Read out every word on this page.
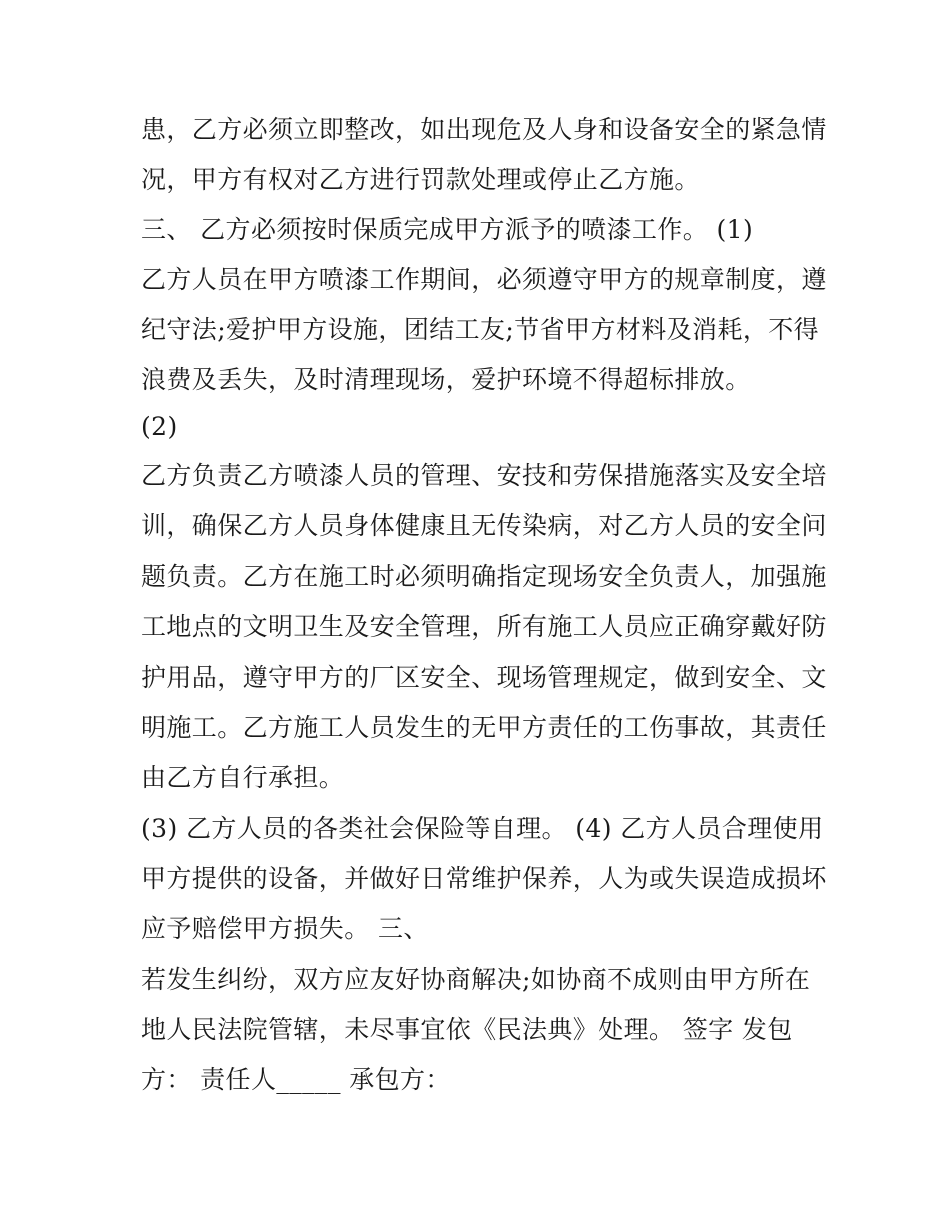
患，乙方必须立即整改，如出现危及人身和设备安全的紧急情
况，甲方有权对乙方进行罚款处理或停止乙方施。
三、 乙方必须按时保质完成甲方派予的喷漆工作。 (1)
乙方人员在甲方喷漆工作期间，必须遵守甲方的规章制度，遵
纪守法;爱护甲方设施，团结工友;节省甲方材料及消耗，不得
浪费及丢失，及时清理现场，爱护环境不得超标排放。
(2)
乙方负责乙方喷漆人员的管理、安技和劳保措施落实及安全培
训，确保乙方人员身体健康且无传染病，对乙方人员的安全问
题负责。乙方在施工时必须明确指定现场安全负责人，加强施
工地点的文明卫生及安全管理，所有施工人员应正确穿戴好防
护用品，遵守甲方的厂区安全、现场管理规定，做到安全、文
明施工。乙方施工人员发生的无甲方责任的工伤事故，其责任
由乙方自行承担。
(3) 乙方人员的各类社会保险等自理。 (4) 乙方人员合理使用
甲方提供的设备，并做好日常维护保养，人为或失误造成损坏
应予赔偿甲方损失。 三、
若发生纠纷，双方应友好协商解决;如协商不成则由甲方所在
地人民法院管辖，未尽事宜依《民法典》处理。 签字 发包
方： 责任人_____ 承包方：
